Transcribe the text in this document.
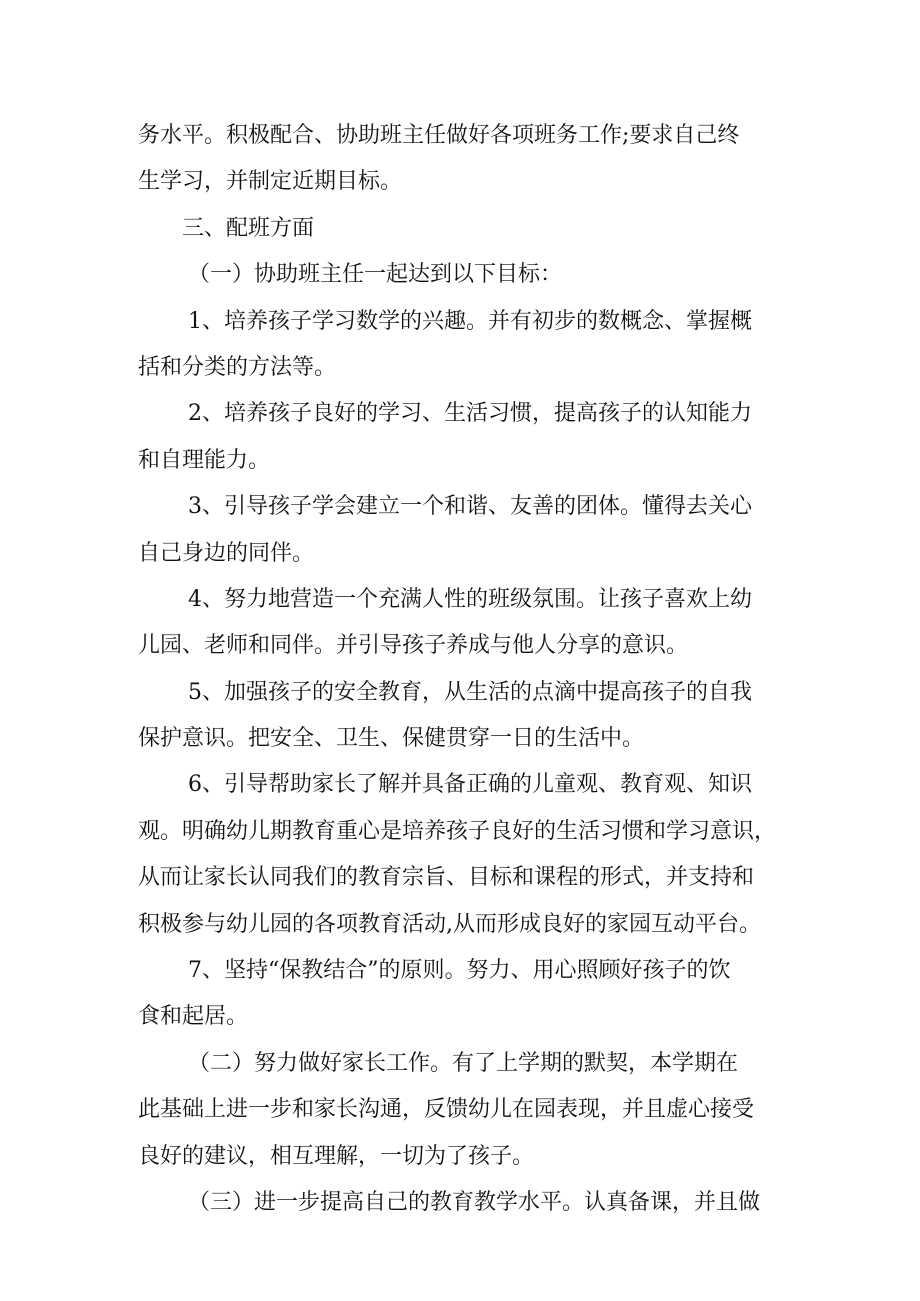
务水平。积极配合、协助班主任做好各项班务工作;要求自己终
生学习，并制定近期目标。
三、配班方面
（一）协助班主任一起达到以下目标：
1、培养孩子学习数学的兴趣。并有初步的数概念、掌握概
括和分类的方法等。
2、培养孩子良好的学习、生活习惯，提高孩子的认知能力
和自理能力。
3、引导孩子学会建立一个和谐、友善的团体。懂得去关心
自己身边的同伴。
4、努力地营造一个充满人性的班级氛围。让孩子喜欢上幼
儿园、老师和同伴。并引导孩子养成与他人分享的意识。
5、加强孩子的安全教育，从生活的点滴中提高孩子的自我
保护意识。把安全、卫生、保健贯穿一日的生活中。
6、引导帮助家长了解并具备正确的儿童观、教育观、知识
观。明确幼儿期教育重心是培养孩子良好的生活习惯和学习意识，
从而让家长认同我们的教育宗旨、目标和课程的形式，并支持和
积极参与幼儿园的各项教育活动,从而形成良好的家园互动平台。
7、坚持“保教结合”的原则。努力、用心照顾好孩子的饮
食和起居。
（二）努力做好家长工作。有了上学期的默契，本学期在
此基础上进一步和家长沟通，反馈幼儿在园表现，并且虚心接受
良好的建议，相互理解，一切为了孩子。
（三）进一步提高自己的教育教学水平。认真备课，并且做
